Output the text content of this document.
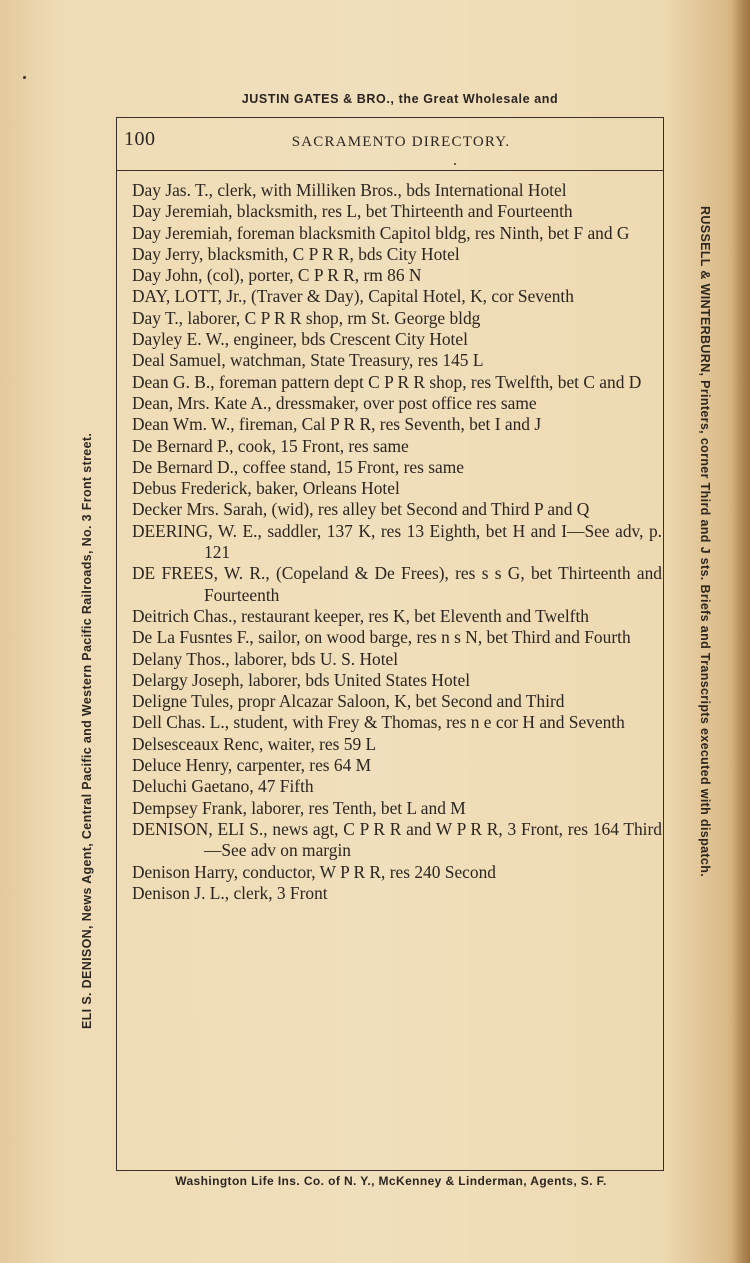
JUSTIN GATES & BRO., the Great Wholesale and
100	SACRAMENTO DIRECTORY.

Day Jas. T., clerk, with Milliken Bros., bds International Hotel

Day Jeremiah, blacksmith, res L, bet Thirteenth and Fourteenth

Day Jeremiah, foreman blacksmith Capitol bldg, res Ninth, bet F and G

Day Jerry, blacksmith, C P R R, bds City Hotel

Day John, (col), porter, C P R R, rm 86 N

DAY, LOTT, Jr., (Traver & Day), Capital Hotel, K, cor Seventh

Day T., laborer, C P R R shop, rm St. George bldg

Dayley E. W., engineer, bds Crescent City Hotel

Deal Samuel, watchman, State Treasury, res 145 L

Dean G. B., foreman pattern dept C P R R shop, res Twelfth, bet C and D

Dean, Mrs. Kate A., dressmaker, over post office res same

Dean Wm. W., fireman, Cal P R R, res Seventh, bet I and J

De Bernard P., cook, 15 Front, res same

De Bernard D., coffee stand, 15 Front, res same

Debus Frederick, baker, Orleans Hotel

Decker Mrs. Sarah, (wid), res alley bet Second and Third P and Q

DEERING, W. E., saddler, 137 K, res 13 Eighth, bet H and I—See adv, p. 121

DE FREES, W. R., (Copeland & De Frees), res s s G, bet Thirteenth and Fourteenth

Deitrich Chas., restaurant keeper, res K, bet Eleventh and Twelfth

De La Fusntes F., sailor, on wood barge, res n s N, bet Third and Fourth

Delany Thos., laborer, bds U. S. Hotel

Delargy Joseph, laborer, bds United States Hotel

Deligne Tules, propr Alcazar Saloon, K, bet Second and Third

Dell Chas. L., student, with Frey & Thomas, res n e cor H and Seventh

Delsesceaux Renc, waiter, res 59 L

Deluce Henry, carpenter, res 64 M

Deluchi Gaetano, 47 Fifth

Dempsey Frank, laborer, res Tenth, bet L and M

DENISON, ELI S., news agt, C P R R and W P R R, 3 Front, res 164 Third—See adv on margin

Denison Harry, conductor, W P R R, res 240 Second

Denison J. L., clerk, 3 Front

ELI S. DENISON, News Agent, Central Pacific and Western Pacific Railroads, No. 3 Front street.	RUSSELL & WINTERBURN, Printers, corner Third and J sts. Briefs and Transcripts executed with dispatch.
Washington Life Ins. Co. of N. Y., McKenney & Linderman, Agents, S. F.
